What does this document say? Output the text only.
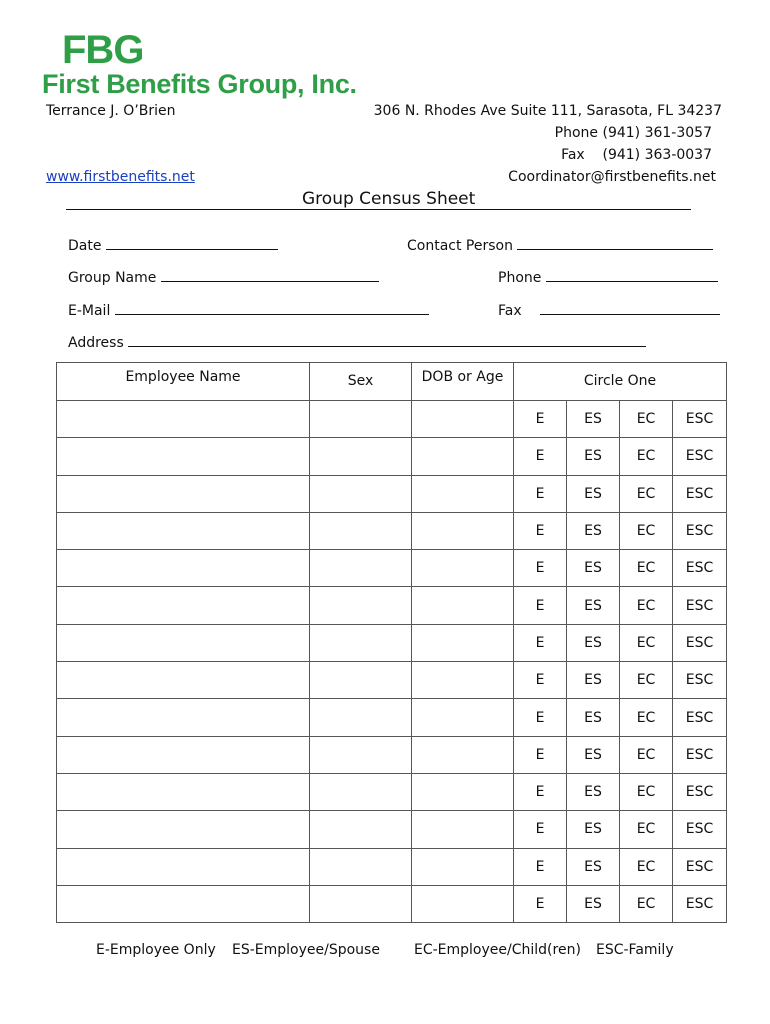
FBG
First Benefits Group, Inc.
Terrance J. O’Brien	306 N. Rhodes Ave Suite 111, Sarasota, FL 34237
Phone (941) 361-3057
Fax    (941) 363-0037
www.firstbenefits.net	Coordinator@firstbenefits.net
Group Census Sheet
Date	Contact Person
Group Name	Phone
E-Mail	Fax
Address
Employee Name	Sex	DOB or Age	Circle One			
			E	ES	EC	ESC
			E	ES	EC	ESC
			E	ES	EC	ESC
			E	ES	EC	ESC
			E	ES	EC	ESC
			E	ES	EC	ESC
			E	ES	EC	ESC
			E	ES	EC	ESC
			E	ES	EC	ESC
			E	ES	EC	ESC
			E	ES	EC	ESC
			E	ES	EC	ESC
			E	ES	EC	ESC
			E	ES	EC	ESC
E-Employee Only ES-Employee/Spouse EC-Employee/Child(ren) ESC-Family
